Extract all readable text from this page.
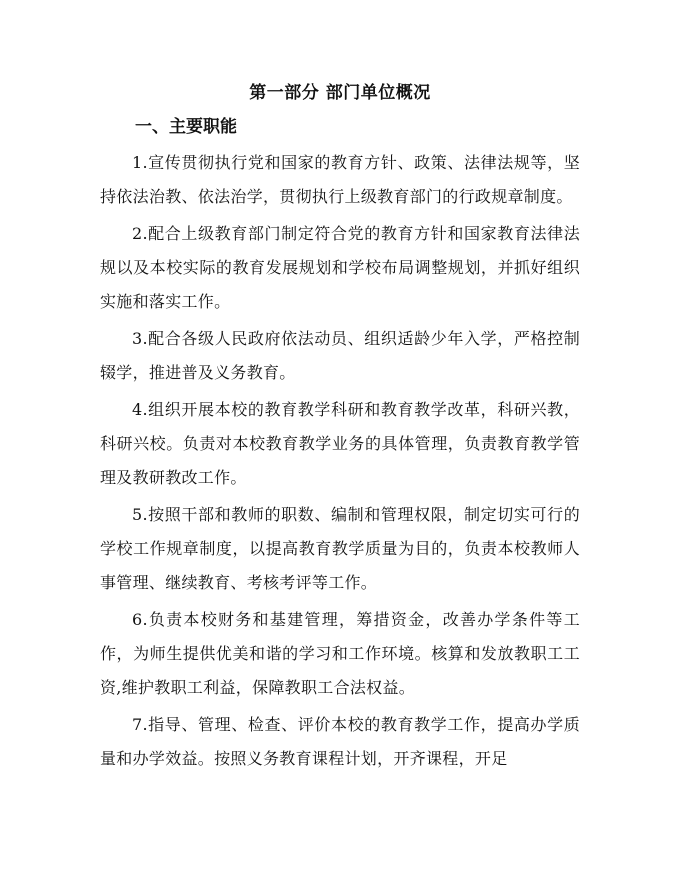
第一部分 部门单位概况
一、主要职能

1.宣传贯彻执行党和国家的教育方针、政策、法律法规等，坚持依法治教、依法治学，贯彻执行上级教育部门的行政规章制度。

2.配合上级教育部门制定符合党的教育方针和国家教育法律法规以及本校实际的教育发展规划和学校布局调整规划，并抓好组织实施和落实工作。

3.配合各级人民政府依法动员、组织适龄少年入学，严格控制辍学，推进普及义务教育。

4.组织开展本校的教育教学科研和教育教学改革，科研兴教，科研兴校。负责对本校教育教学业务的具体管理，负责教育教学管理及教研教改工作。

5.按照干部和教师的职数、编制和管理权限，制定切实可行的学校工作规章制度，以提高教育教学质量为目的，负责本校教师人事管理、继续教育、考核考评等工作。

6.负责本校财务和基建管理，筹措资金，改善办学条件等工作，为师生提供优美和谐的学习和工作环境。核算和发放教职工工资,维护教职工利益，保障教职工合法权益。

7.指导、管理、检查、评价本校的教育教学工作，提高办学质量和办学效益。按照义务教育课程计划，开齐课程，开足
